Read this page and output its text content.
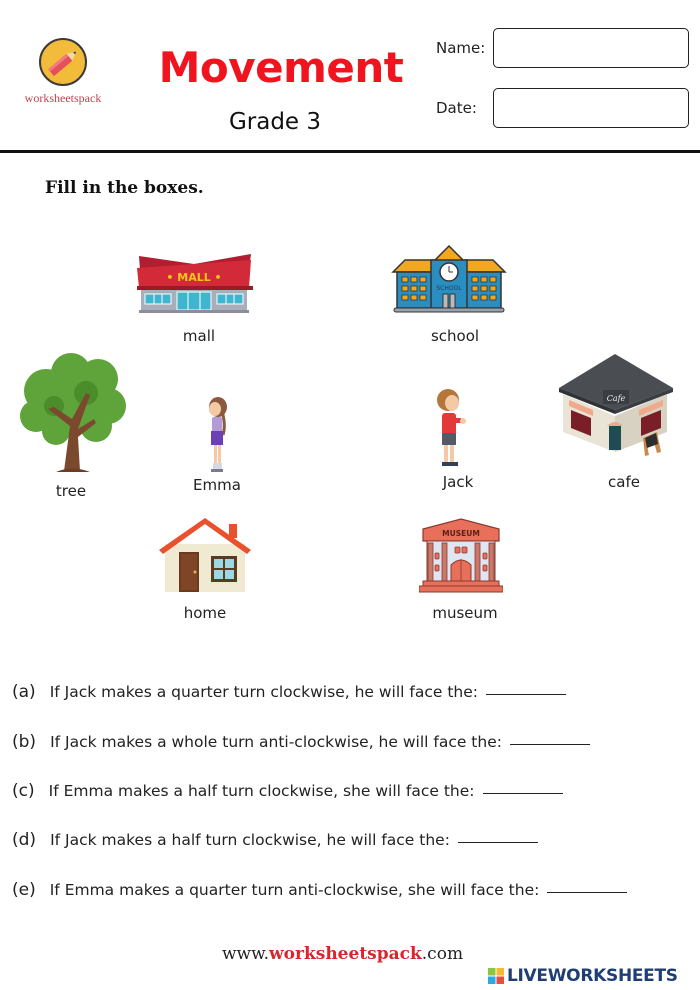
worksheetspack
Movement
Grade 3
Name:
Date:
Fill in the boxes.
• MALL •
mall
SCHOOL
school
tree	Emma	Jack
Cafe
cafe
home
MUSEUM
museum
(a) If Jack makes a quarter turn clockwise, he will face the:
(b) If Jack makes a whole turn anti-clockwise, he will face the:
(c) If Emma makes a half turn clockwise, she will face the:
(d) If Jack makes a half turn clockwise, he will face the:
(e) If Emma makes a quarter turn anti-clockwise, she will face the:
www.worksheetspack.com
LIVEWORKSHEETS
